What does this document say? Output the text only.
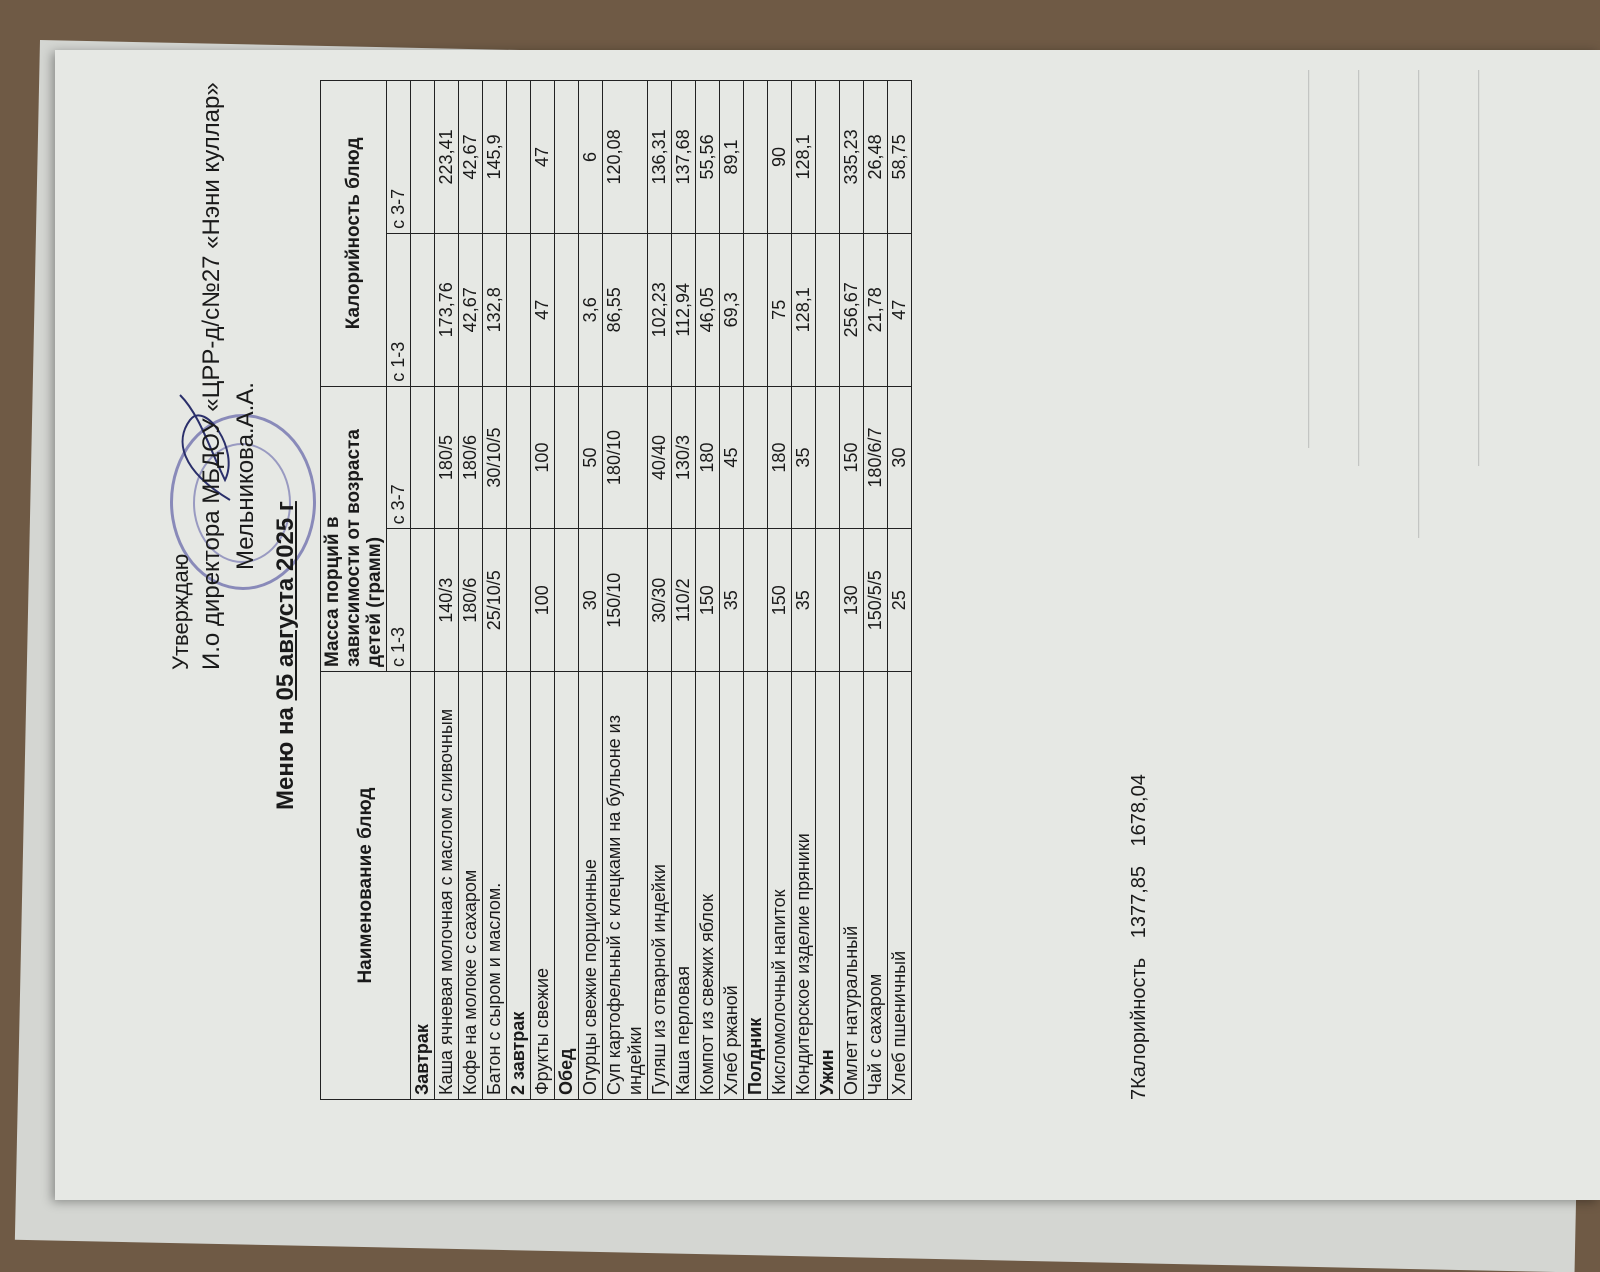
————————————————————— —————————————————————— —————————————————————————— ——————————————————————
Утверждаю И.о директора МБДОУ «ЦРР-д/с№27 «Нэни куллар» Мельникова.А.А.
Меню на 05 августа 2025 г
Наименование блюд	Масса порций в зависимости от возраста детей (грамм)		Калорийность блюд	
	с 1-3	с 3-7	с 1-3	с 3-7
Завтрак				
Каша ячневая молочная с маслом сливочным	140/3	180/5	173,76	223,41
Кофе на молоке с сахаром	180/6	180/6	42,67	42,67
Батон с сыром и маслом.	25/10/5	30/10/5	132,8	145,9
2 завтрак				
Фрукты свежие	100	100	47	47
Обед				
Огурцы свежие порционные	30	50	3,6	6
Суп картофельный с клецками на бульоне из индейки	150/10	180/10	86,55	120,08
Гуляш из отварной индейки	30/30	40/40	102,23	136,31
Каша перловая	110/2	130/3	112,94	137,68
Компот из свежих яблок	150	180	46,05	55,56
Хлеб ржаной	35	45	69,3	89,1
Полдник				
Кисломолочный напиток	150	180	75	90
Кондитерское изделие пряники	35	35	128,1	128,1
Ужин				
Омлет натуральный	130	150	256,67	335,23
Чай с сахаром	150/5/5	180/6/7	21,78	26,48
Хлеб пшеничный	25	30	47	58,75
7Калорийность 1377,85 1678,04
